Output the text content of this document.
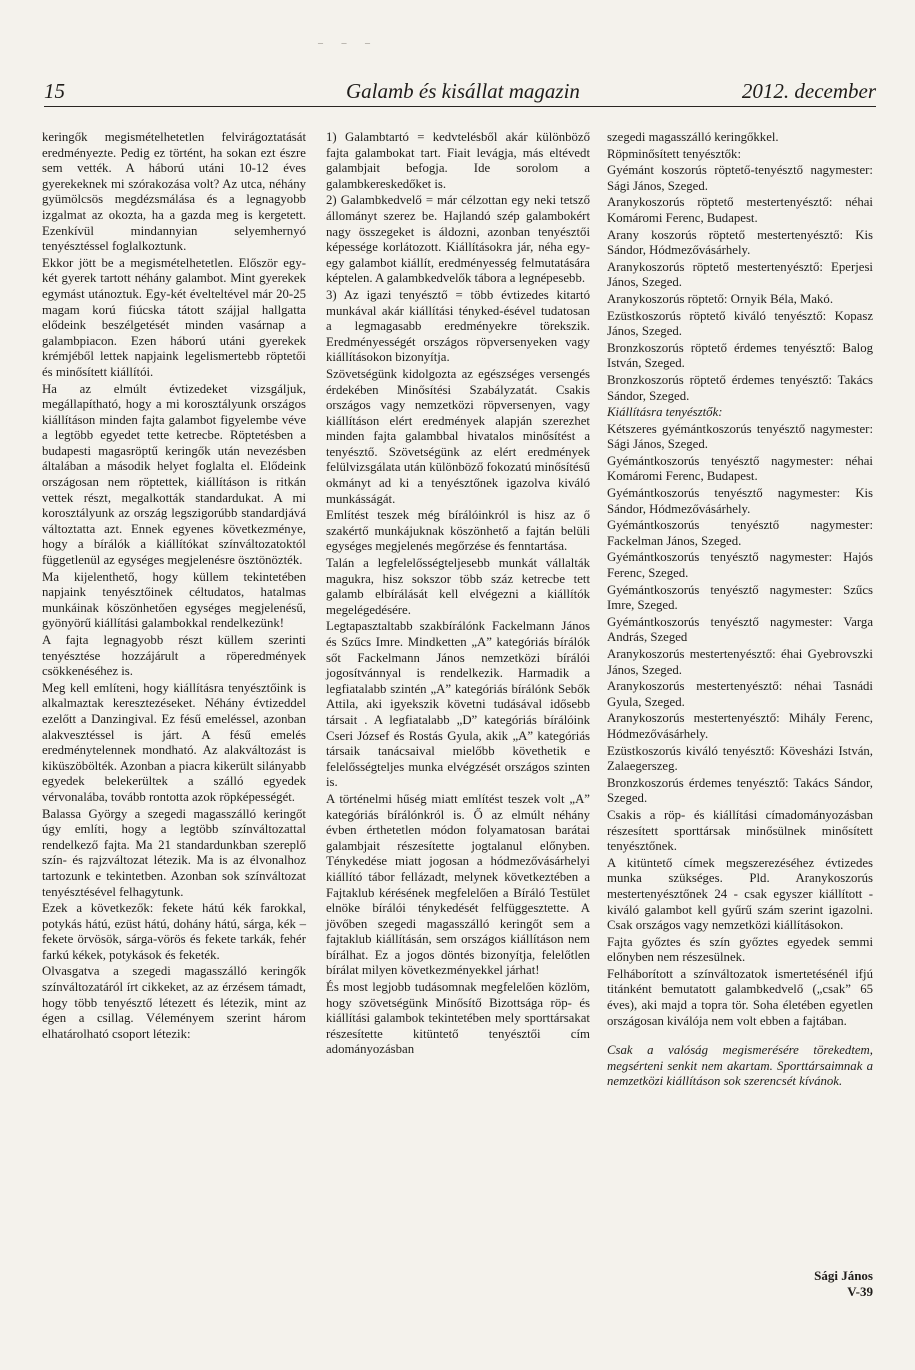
‒ ‒ ‒
15	Galamb és kisállat magazin	2012. december

keringők megismételhetetlen felvirágoztatását eredményezte. Pedig ez történt, ha sokan ezt észre sem vették. A háború utáni 10-12 éves gyerekeknek mi szórakozása volt? Az utca, néhány gyümölcsös megdézsmálása és a legnagyobb izgalmat az okozta, ha a gazda meg is kergetett. Ezenkívül mindannyian selyemhernyó tenyésztéssel foglalkoztunk.

Ekkor jött be a megismételhetetlen. Először egy-két gyerek tartott néhány galambot. Mint gyerekek egymást utánoztuk. Egy-két évelteltével már 20-25 magam korú fiúcska tátott szájjal hallgatta elődeink beszélgetését minden vasárnap a galambpiacon. Ezen háború utáni gyerekek krémjéből lettek napjaink legelismertebb röptetői és minősített kiállítói.

Ha az elmúlt évtizedeket vizsgáljuk, megállapítható, hogy a mi korosztályunk országos kiállításon minden fajta galambot figyelembe véve a legtöbb egyedet tette ketrecbe. Röptetésben a budapesti magasröptű keringők után nevezésben általában a második helyet foglalta el. Elődeink országosan nem röptettek, kiállításon is ritkán vettek részt, megalkották standardukat. A mi korosztályunk az ország legszigorúbb standardjává változtatta azt. Ennek egyenes következménye, hogy a bírálók a kiállítókat színváltozatoktól függetlenül az egységes megjelenésre ösztönözték.

Ma kijelenthető, hogy küllem tekintetében napjaink tenyésztőinek céltudatos, hatalmas munkáinak köszönhetően egységes megjelenésű, gyönyörű kiállítási galambokkal rendelkezünk!

A fajta legnagyobb részt küllem szerinti tenyésztése hozzájárult a röperedmények csökkenéséhez is.

Meg kell említeni, hogy kiállításra tenyésztőink is alkalmaztak keresztezéseket. Néhány évtizeddel ezelőtt a Danzingival. Ez fésű emeléssel, azonban alakvesztéssel is járt. A fésű emelés eredménytelennek mondható. Az alakváltozást is kiküszöbölték. Azonban a piacra kikerült silányabb egyedek belekerültek a szálló egyedek vérvonalába, tovább rontotta azok röpképességét.

Balassa György a szegedi magasszálló keringőt úgy említi, hogy a legtöbb színváltozattal rendelkező fajta. Ma 21 standardunkban szereplő szín- és rajzváltozat létezik. Ma is az élvonalhoz tartozunk e tekintetben. Azonban sok színváltozat tenyésztésével felhagytunk.

Ezek a következők: fekete hátú kék farokkal, potykás hátú, ezüst hátú, dohány hátú, sárga, kék – fekete örvösök, sárga-vörös és fekete tarkák, fehér farkú kékek, potykások és feketék.

Olvasgatva a szegedi magasszálló keringők színváltozatáról írt cikkeket, az az érzésem támadt, hogy több tenyésztő létezett és létezik, mint az égen a csillag. Véleményem szerint három elhatárolható csoport létezik:

1) Galambtartó = kedvtelésből akár különböző fajta galambokat tart. Fiait levágja, más eltévedt galambjait befogja. Ide sorolom a galambkereskedőket is.

2) Galambkedvelő = már célzottan egy neki tetsző állományt szerez be. Hajlandó szép galambokért nagy összegeket is áldozni, azonban tenyésztői képessége korlátozott. Kiállításokra jár, néha egy-egy galambot kiállít, eredményesség felmutatására képtelen. A galambkedvelők tábora a legnépesebb.

3) Az igazi tenyésztő = több évtizedes kitartó munkával akár kiállítási tényked-ésével tudatosan a legmagasabb eredményekre törekszik. Eredményességét országos röpversenyeken vagy kiállításokon bizonyítja.

Szövetségünk kidolgozta az egészséges versengés érdekében Minősítési Szabályzatát. Csakis országos vagy nemzetközi röpversenyen, vagy kiállításon elért eredmények alapján szerezhet minden fajta galambbal hivatalos minősítést a tenyésztő. Szövetségünk az elért eredmények felülvizsgálata után különböző fokozatú minősítésű okmányt ad ki a tenyésztőnek igazolva kiváló munkásságát.

Említést teszek még bírálóinkról is hisz az ő szakértő munkájuknak köszönhető a fajtán belüli egységes megjelenés megőrzése és fenntartása.

Talán a legfelelősségteljesebb munkát vállalták magukra, hisz sokszor több száz ketrecbe tett galamb elbírálását kell elvégezni a kiállítók megelégedésére.

Legtapasztaltabb szakbírálónk Fackelmann János és Szűcs Imre. Mindketten „A” kategóriás bírálók sőt Fackelmann János nemzetközi bírálói jogosítvánnyal is rendelkezik. Harmadik a legfiatalabb szintén „A” kategóriás bírálónk Sebők Attila, aki igyekszik követni tudásával idősebb társait . A legfiatalabb „D” kategóriás bírálóink Cseri József és Rostás Gyula, akik „A” kategóriás társaik tanácsaival mielőbb követhetik e felelősségteljes munka elvégzését országos szinten is.

A történelmi hűség miatt említést teszek volt „A” kategóriás bírálónkról is. Ő az elmúlt néhány évben érthetetlen módon folyamatosan barátai galambjait részesítette jogtalanul előnyben. Ténykedése miatt jogosan a hódmezővásárhelyi kiállító tábor fellázadt, melynek következtében a Fajtaklub kérésének megfelelően a Bíráló Testület elnöke bírálói ténykedését felfüggesztette. A jövőben szegedi magasszálló keringőt sem a fajtaklub kiállításán, sem országos kiállításon nem bírálhat. Ez a jogos döntés bizonyítja, felelőtlen bírálat milyen következményekkel járhat!

És most legjobb tudásomnak megfelelően közlöm, hogy szövetségünk Minősítő Bizottsága röp- és kiállítási galambok tekintetében mely sporttársakat részesítette kitüntető tenyésztői cím adományozásban

szegedi magasszálló keringőkkel.

Röpminősített tenyésztők:

Gyémánt koszorús röptető-tenyésztő nagymester: Sági János, Szeged.

Aranykoszorús röptető mestertenyésztő: néhai Komáromi Ferenc, Budapest.

Arany koszorús röptető mestertenyésztő: Kis Sándor, Hódmezővásárhely.

Aranykoszorús röptető mestertenyésztő: Eperjesi János, Szeged.

Aranykoszorús röptető: Ornyik Béla, Makó.

Ezüstkoszorús röptető kiváló tenyésztő: Kopasz János, Szeged.

Bronzkoszorús röptető érdemes tenyésztő: Balog István, Szeged.

Bronzkoszorús röptető érdemes tenyésztő: Takács Sándor, Szeged.

Kiállításra tenyésztők:

Kétszeres gyémántkoszorús tenyésztő nagymester: Sági János, Szeged.

Gyémántkoszorús tenyésztő nagymester: néhai Komáromi Ferenc, Budapest.

Gyémántkoszorús tenyésztő nagymester: Kis Sándor, Hódmezővásárhely.

Gyémántkoszorús tenyésztő nagymester: Fackelman János, Szeged.

Gyémántkoszorús tenyésztő nagymester: Hajós Ferenc, Szeged.

Gyémántkoszorús tenyésztő nagymester: Szűcs Imre, Szeged.

Gyémántkoszorús tenyésztő nagymester: Varga András, Szeged

Aranykoszorús mestertenyésztő: éhai Gyebrovszki János, Szeged.

Aranykoszorús mestertenyésztő: néhai Tasnádi Gyula, Szeged.

Aranykoszorús mestertenyésztő: Mihály Ferenc, Hódmezővásárhely.

Ezüstkoszorús kiváló tenyésztő: Kövesházi István, Zalaegerszeg.

Bronzkoszorús érdemes tenyésztő: Takács Sándor, Szeged.

Csakis a röp- és kiállítási címadományozásban részesített sporttársak minősülnek minősített tenyésztőnek.

A kitüntető címek megszerezéséhez évtizedes munka szükséges. Pld. Aranykoszorús mestertenyésztőnek 24 - csak egyszer kiállított - kiváló galambot kell gyűrű szám szerint igazolni. Csak országos vagy nemzetközi kiállításokon.

Fajta győztes és szín győztes egyedek semmi előnyben nem részesülnek.

Felháborított a színváltozatok ismertetésénél ifjú titánként bemutatott galambkedvelő („csak” 65 éves), aki majd a topra tör. Soha életében egyetlen országosan kiválója nem volt ebben a fajtában.

Csak a valóság megismerésére törekedtem, megsérteni senkit nem akartam. Sporttársaimnak a nemzetközi kiállításon sok szerencsét kívánok.

Sági János
V-39
